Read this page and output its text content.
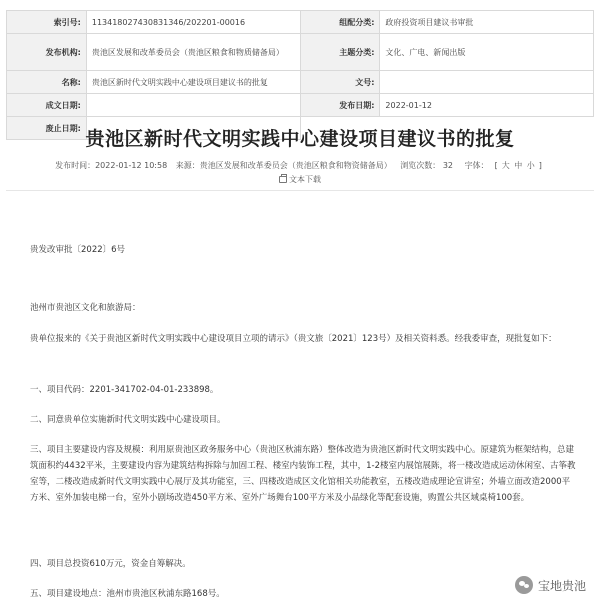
索引号:	11341802743083134​6/202201-00016	组配分类:	政府投资项目建议书审批
发布机构:	贵池区发展和改革委员会（贵池区粮食和物质储备局）	主题分类:	文化、广电、新闻出版
名称:	贵池区新时代文明实践中心建设项目建议书的批复	文号:	
成文日期:		发布日期:	2022-01-12
废止日期:			贵池区新时代文明实践中心建设项目建议书的批复
发布时间：2022-01-12 10:58 来源：贵池区发展和改革委员会（贵池区粮食和物资储备局） 浏览次数： 32 字体： [ 大 中 小 ]
文本下载
贵发改审批〔2022〕6号
池州市贵池区文化和旅游局：
贵单位报来的《关于贵池区新时代文明实践中心建设项目立项的请示》（贵文旅〔2021〕123号）及相关资料悉。经我委审查，现批复如下：
一、项目代码：2201-341702-04-01-233898。
二、同意贵单位实施新时代文明实践中心建设项目。
三、项目主要建设内容及规模：利用原贵池区政务服务中心（贵池区秋浦东路）整体改造为贵池区新时代文明实践中心。原建筑为框架结构，总建筑面积约4432平米，主要建设内容为建筑结构拆除与加固工程、楼室内装饰工程，其中，1-2楼室内展馆展陈，将一楼改造成运动休闲室、古筝教室等，二楼改造成新时代文明实践中心展厅及其功能室，三、四楼改造成区文化馆相关功能教室，五楼改造成理论宣讲室；外墙立面改造2000平方米、室外加装电梯一台，室外小剧场改造450平方米、室外广场舞台100平方米及小品绿化等配套设施，购置公共区域桌椅100套。
四、项目总投资610万元，资金自筹解决。
五、项目建设地点：池州市贵池区秋浦东路168号。
宝地贵池
